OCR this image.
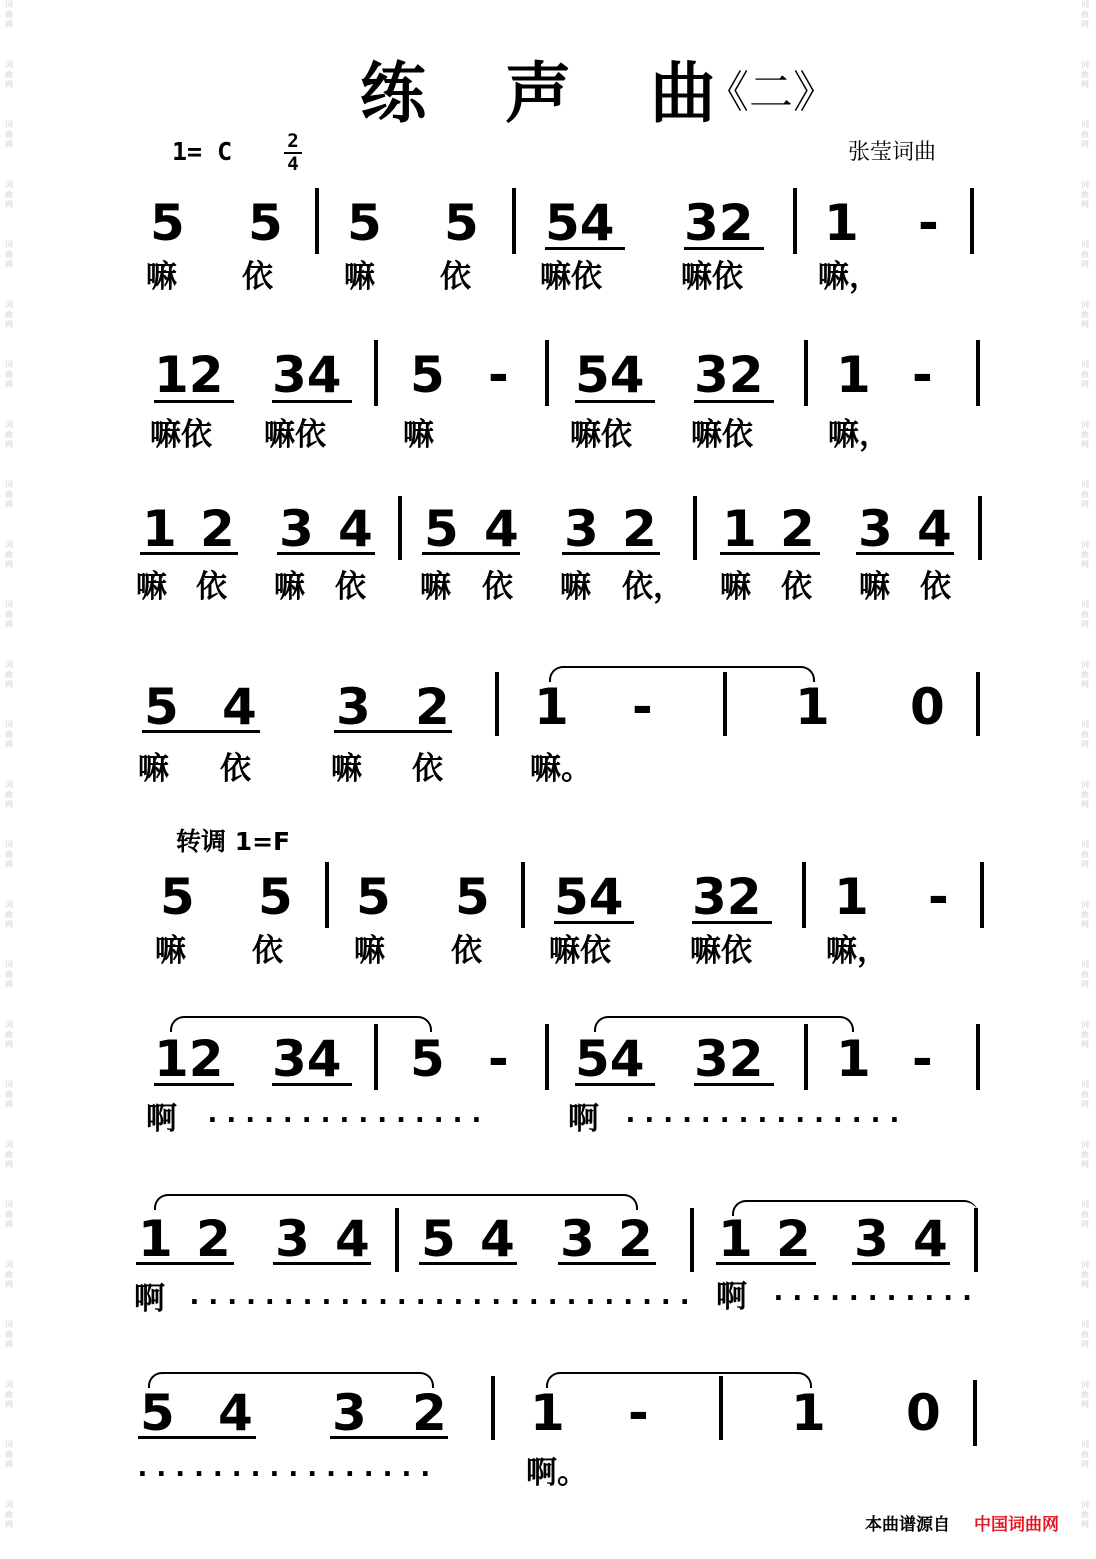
词
曲
网
词
曲
网
词
曲
网
词
曲
网
词
曲
网
词
曲
网
词
曲
网
词
曲
网
词
曲
网
词
曲
网
词
曲
网
词
曲
网
词
曲
网
词
曲
网
词
曲
网
词
曲
网
词
曲
网
词
曲
网
词
曲
网
词
曲
网
词
曲
网
词
曲
网
词
曲
网
词
曲
网
词
曲
网
词
曲
网
词
曲
网
词
曲
网
词
曲
网
词
曲
网
词
曲
网
词
曲
网
词
曲
网
词
曲
网
词
曲
网
词
曲
网
词
曲
网
词
曲
网
词
曲
网
词
曲
网
词
曲
网
词
曲
网
词
曲
网
词
曲
网
词
曲
网
词
曲
网
词
曲
网
词
曲
网
词
曲
网
词
曲
网
词
曲
网
词
曲
网
练 声 曲
《二》
1= C	2
4	张莹词曲
5 5 5 5 54 32 1 -
嘛 依 嘛 依 嘛依	嘛依 嘛，
12 34 5 - 54 32 1 -
嘛依 嘛依 嘛	嘛依 嘛依 嘛，
1 2 3 4 5 4 3 2 1 2 3 4
嘛 依 嘛 依 嘛 依 嘛 依， 嘛 依 嘛 依
5 4 3 2 1 -	1 0
嘛 依	嘛 依	嘛。
转调 1=F
5 5 5 5 54 32 1 -
嘛 依 嘛 依 嘛依	嘛依 嘛，
12 34 5 - 54 32 1 -
啊 ···············	啊 ···············
1 2 3 4 5 4 3 2 1 2 3 4
啊 ··························· 啊 ···········
5 4 3 2 1 -	1 0
················	啊。
本曲谱源自 中国词曲网
